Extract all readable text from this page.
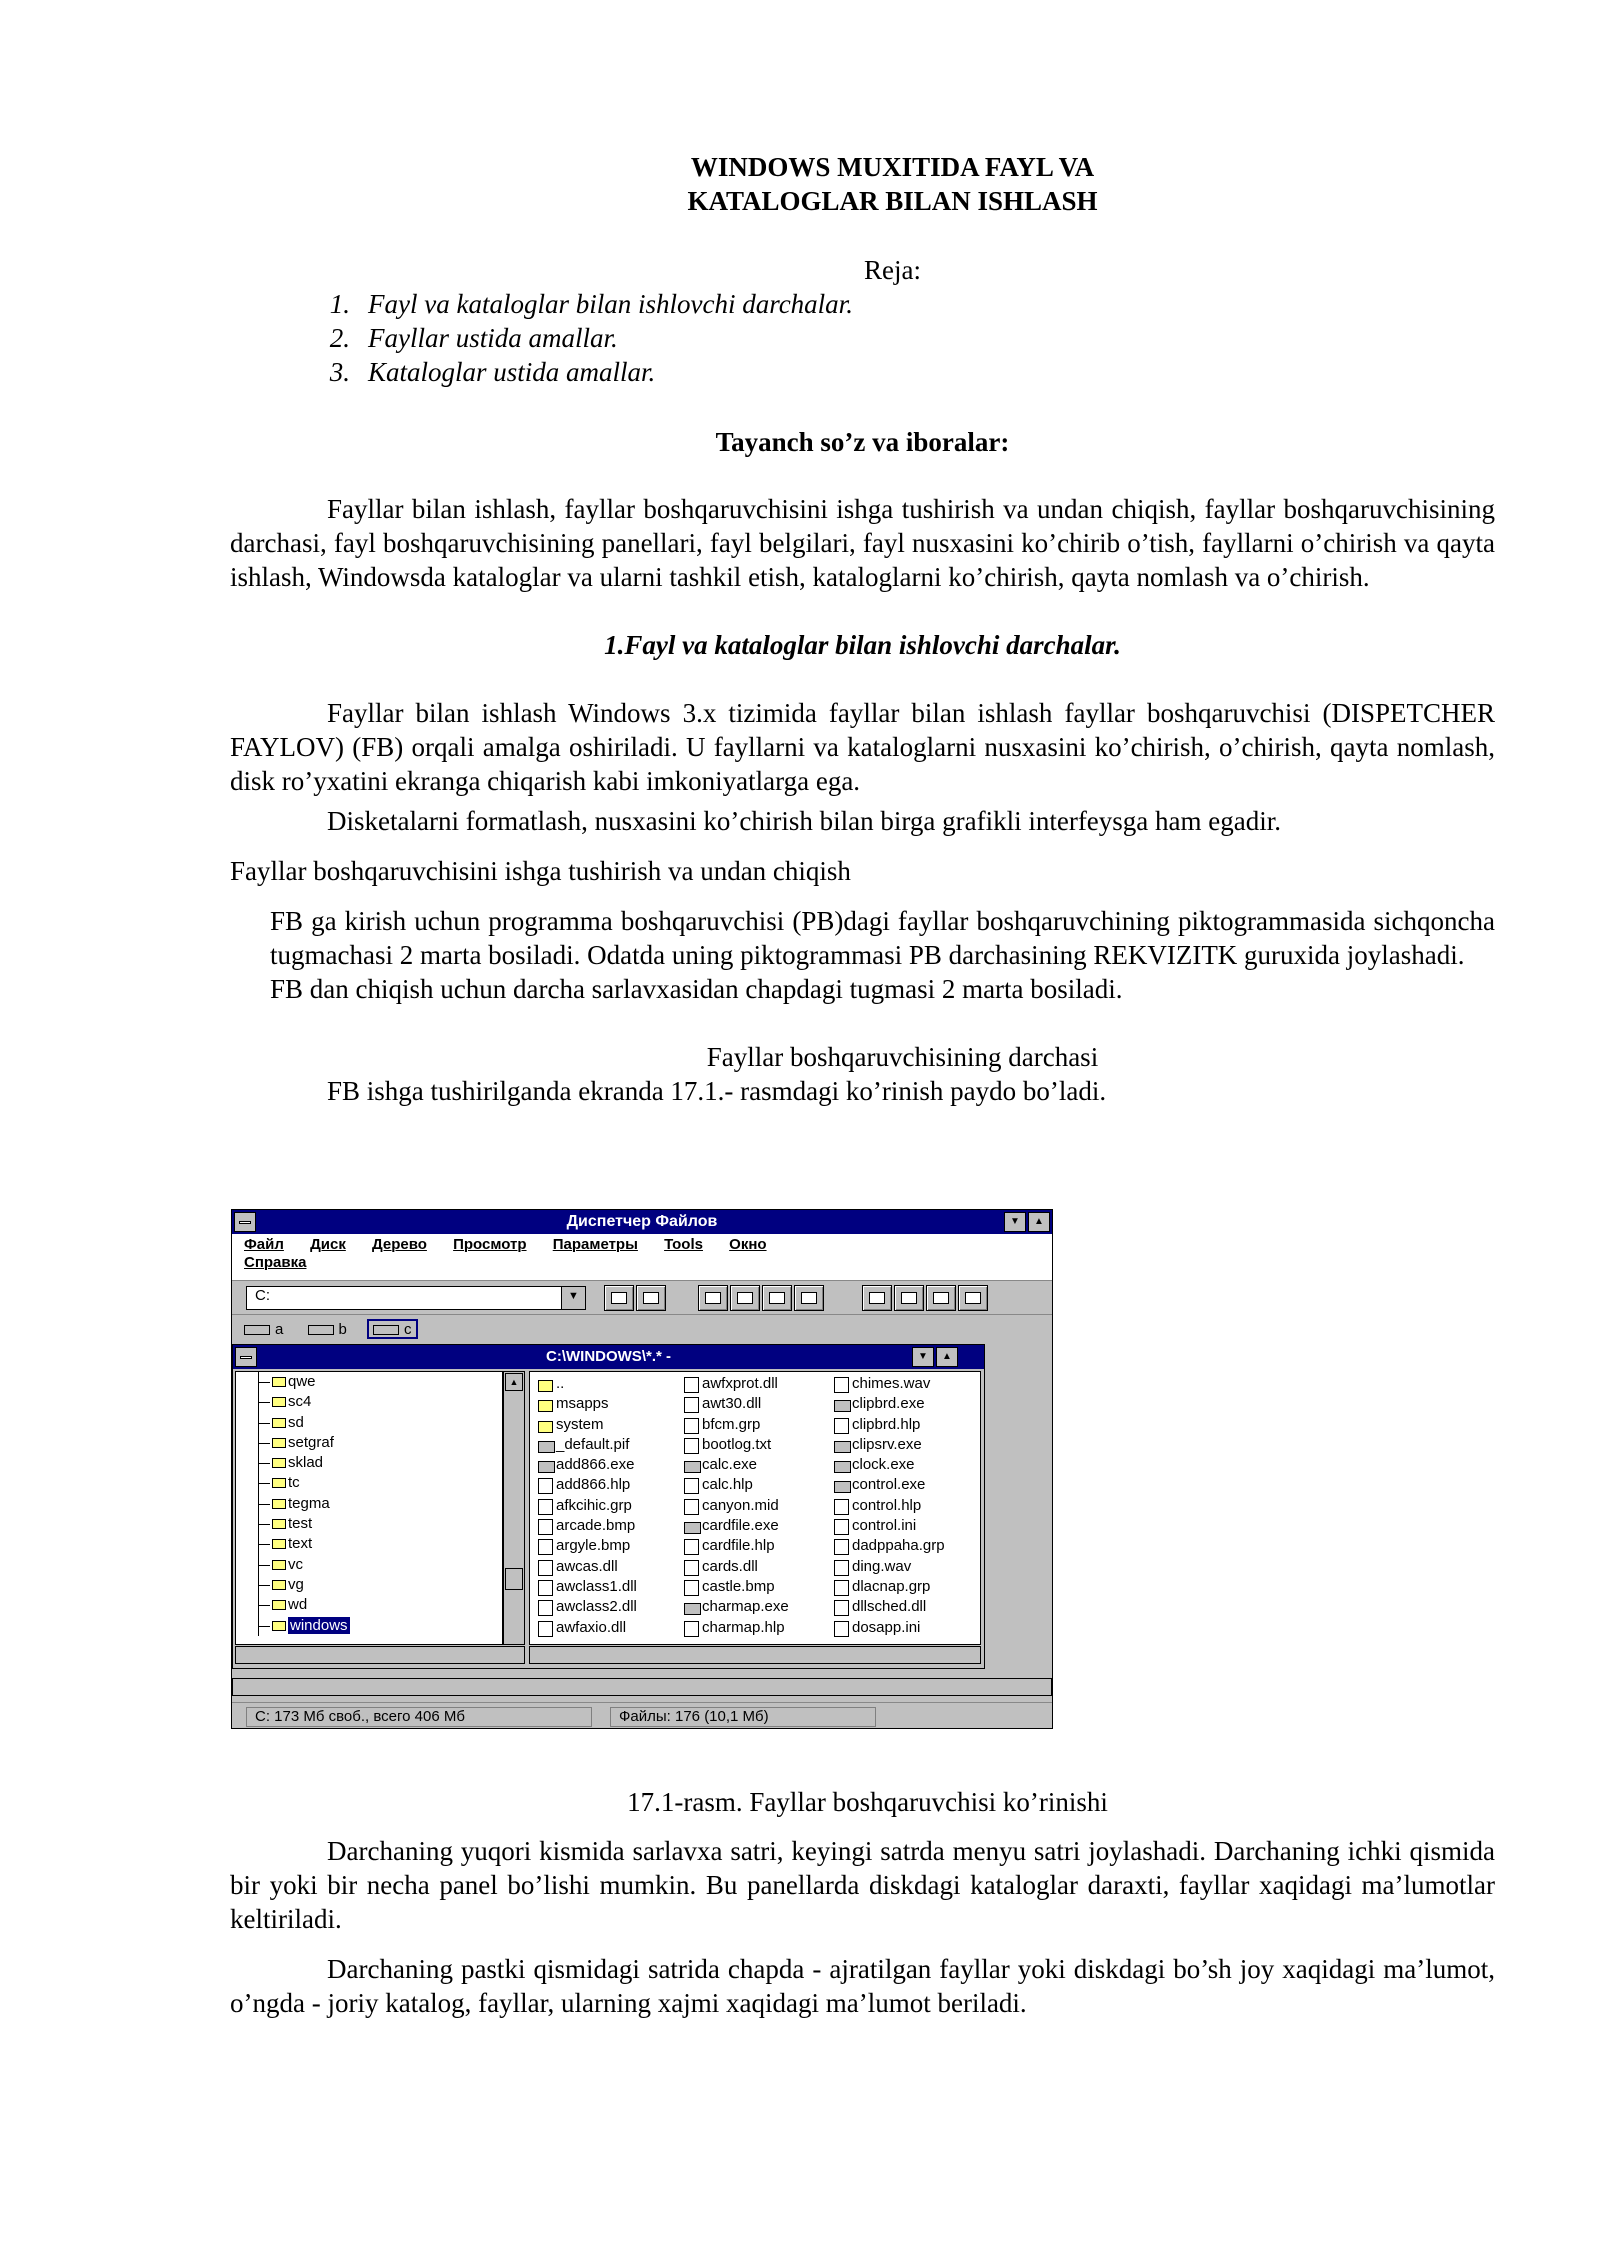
WINDOWS MUXITIDA FAYL VA

KATALOGLAR BILAN ISHLASH

Reja:

1. Fayl va kataloglar bilan ishlovchi darchalar.
2. Fayllar ustida amallar.
3. Kataloglar ustida amallar.

Tayanch so’z va iboralar:

Fayllar bilan ishlash, fayllar boshqaruvchisini ishga tushirish va undan chiqish, fayllar boshqaruvchisining darchasi, fayl boshqaruvchisining panellari, fayl belgilari, fayl nusxasini ko’chirib o’tish, fayllarni o’chirish va qayta ishlash, Windowsda kataloglar va ularni tashkil etish, kataloglarni ko’chirish, qayta nomlash va o’chirish.

1.Fayl va kataloglar bilan ishlovchi darchalar.

Fayllar bilan ishlash Windows 3.x tizimida fayllar bilan ishlash fayllar boshqaruvchisi (DISPETCHER FAYLOV) (FB) orqali amalga oshiriladi. U fayllarni va kataloglarni nusxasini ko’chirish, o’chirish, qayta nomlash, disk ro’yxatini ekranga chiqarish kabi imkoniyatlarga ega.

Disketalarni formatlash, nusxasini ko’chirish bilan birga grafikli interfeysga ham egadir.

Fayllar boshqaruvchisini ishga tushirish va undan chiqish

FB ga kirish uchun programma boshqaruvchisi (PB)dagi fayllar boshqaruvchining piktogrammasida sichqoncha tugmachasi 2 marta bosiladi. Odatda uning piktogrammasi PB darchasining REKVIZITK guruxida joylashadi.

FB dan chiqish uchun darcha sarlavxasidan chapdagi tugmasi 2 marta bosiladi.

Fayllar boshqaruvchisining darchasi

FB ishga tushirilganda ekranda 17.1.- rasmdagi ko’rinish paydo bo’ladi.

Диспетчер Файлов	▼	▲
Файл Диск Дерево Просмотр Параметры Tools Окно
Справка
C:	▼
a	b	c
C:\WINDOWS\*.* -	▼	▲
qwe
sc4
sd
setgraf
sklad
tc
tegma
test
text
vc
vg
wd
windows
▲	..
msapps
system
_default.pif
add866.exe
add866.hlp
afkcihic.grp
arcade.bmp
argyle.bmp
awcas.dll
awclass1.dll
awclass2.dll
awfaxio.dll
awfxprot.dll
awt30.dll
bfcm.grp
bootlog.txt
calc.exe
calc.hlp
canyon.mid
cardfile.exe
cardfile.hlp
cards.dll
castle.bmp
charmap.exe
charmap.hlp
chimes.wav
clipbrd.exe
clipbrd.hlp
clipsrv.exe
clock.exe
control.exe
control.hlp
control.ini
dadppaha.grp
ding.wav
dlacnap.grp
dllsched.dll
dosapp.ini
C: 173 Мб своб., всего 406 Мб	Файлы: 176 (10,1 Мб)

17.1-rasm. Fayllar boshqaruvchisi ko’rinishi

Darchaning yuqori kismida sarlavxa satri, keyingi satrda menyu satri joylashadi. Darchaning ichki qismida bir yoki bir necha panel bo’lishi mumkin. Bu panellarda diskdagi kataloglar daraxti, fayllar xaqidagi ma’lumotlar keltiriladi.

Darchaning pastki qismidagi satrida chapda - ajratilgan fayllar yoki diskdagi bo’sh joy xaqidagi ma’lumot, o’ngda - joriy katalog, fayllar, ularning xajmi xaqidagi ma’lumot beriladi.
